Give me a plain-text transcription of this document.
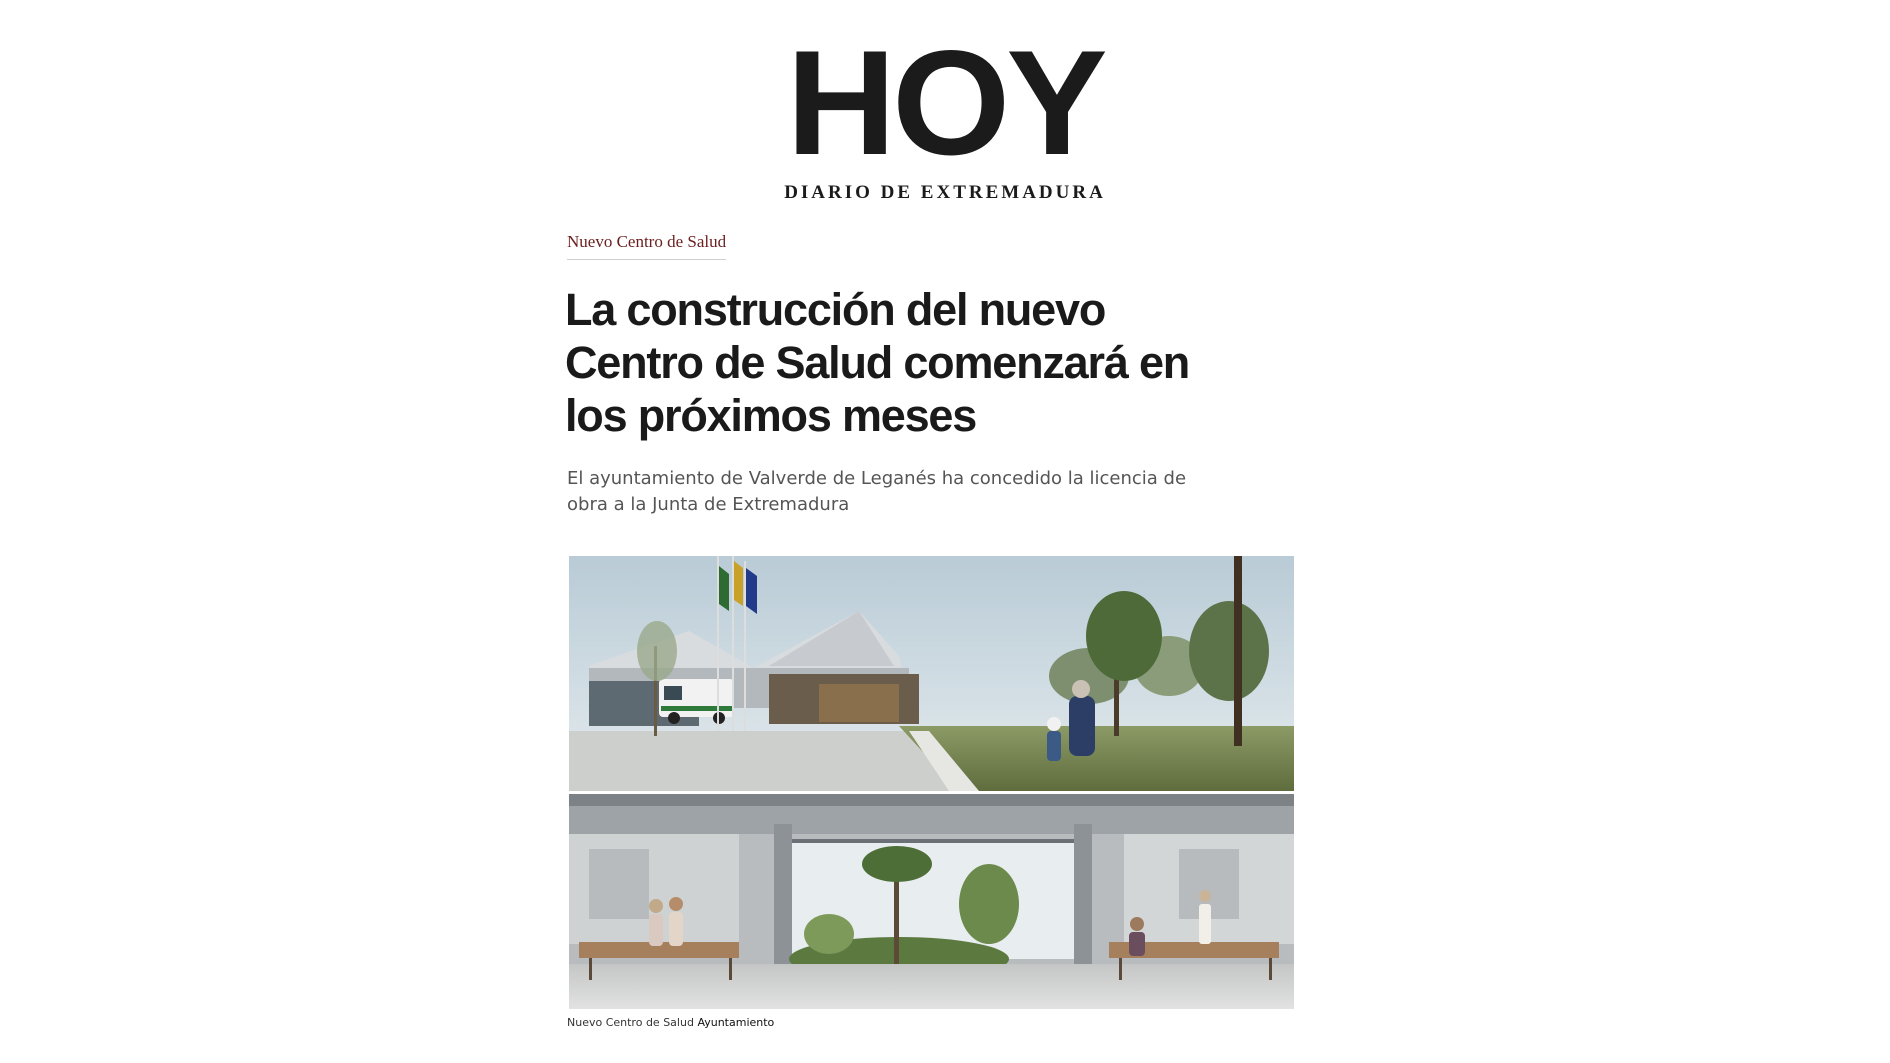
HOY
DIARIO DE EXTREMADURA
Nuevo Centro de Salud
La construcción del nuevo Centro de Salud comenzará en los próximos meses

El ayuntamiento de Valverde de Leganés ha concedido la licencia de obra a la Junta de Extremadura

Nuevo Centro de Salud Ayuntamiento
